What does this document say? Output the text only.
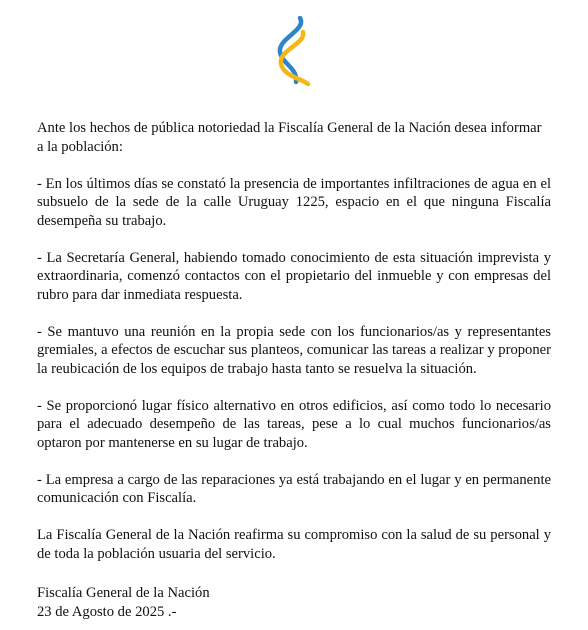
Ante los hechos de pública notoriedad la Fiscalía General de la Nación desea informar a la población:

- En los últimos días se constató la presencia de importantes infiltraciones de agua en el subsuelo de la sede de la calle Uruguay 1225, espacio en el que ninguna Fiscalía desempeña su trabajo.

- La Secretaría General, habiendo tomado conocimiento de esta situación imprevista y extraordinaria, comenzó contactos con el propietario del inmueble y con empresas del rubro para dar inmediata respuesta.

- Se mantuvo una reunión en la propia sede con los funcionarios/as y representantes gremiales, a efectos de escuchar sus planteos, comunicar las tareas a realizar y proponer la reubicación de los equipos de trabajo hasta tanto se resuelva la situación.

- Se proporcionó lugar físico alternativo en otros edificios, así como todo lo necesario para el adecuado desempeño de las tareas, pese a lo cual muchos funcionarios/as optaron por mantenerse en su lugar de trabajo.

- La empresa a cargo de las reparaciones ya está trabajando en el lugar y en permanente comunicación con Fiscalía.

La Fiscalía General de la Nación reafirma su compromiso con la salud de su personal y de toda la población usuaria del servicio.

Fiscalía General de la Nación
23 de Agosto de 2025 .-
